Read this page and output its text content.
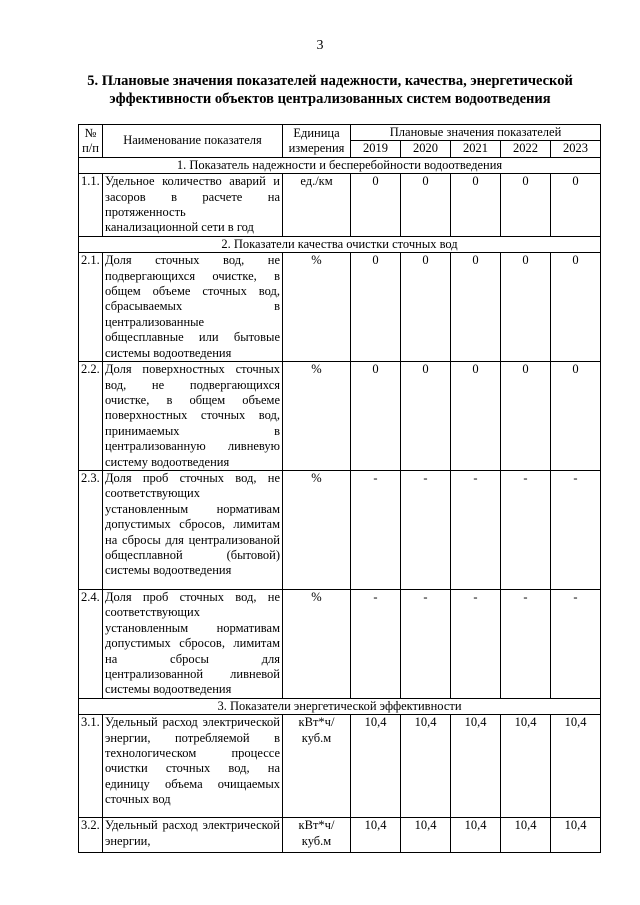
3
5. Плановые значения показателей надежности, качества, энергетической эффективности объектов централизованных систем водоотведения
№ п/п	Наименование показателя	Единица измерения	Плановые значения показателей				
			2019	2020	2021	2022	2023
1. Показатель надежности и бесперебойности водоотведения							
1.1.	Удельное количество аварий и засоров в расчете на протяженность канализационной сети в год	ед./км	0	0	0	0	0
2. Показатели качества очистки сточных вод							
2.1.	Доля сточных вод, не подвергающихся очистке, в общем объеме сточных вод, сбрасываемых в централизованные общесплавные или бытовые системы водоотведения	%	0	0	0	0	0
2.2.	Доля поверхностных сточных вод, не подвергающихся очистке, в общем объеме поверхностных сточных вод, принимаемых в централизованную ливневую систему водоотведения	%	0	0	0	0	0
2.3.	Доля проб сточных вод, не соответствующих установленным нормативам допустимых сбросов, лимитам на сбросы для централизованой общесплавной (бытовой) системы водоотведения	%	-	-	-	-	-
2.4.	Доля проб сточных вод, не соответствующих установленным нормативам допустимых сбросов, лимитам на сбросы для централизованной ливневой системы водоотведения	%	-	-	-	-	-
3. Показатели энергетической эффективности							
3.1.	Удельный расход электрической энергии, потребляемой в технологическом процессе очистки сточных вод, на единицу объема очищаемых сточных вод	кВт*ч/ куб.м	10,4	10,4	10,4	10,4	10,4
3.2.	Удельный расход электрической энергии,	кВт*ч/ куб.м	10,4	10,4	10,4	10,4	10,4
